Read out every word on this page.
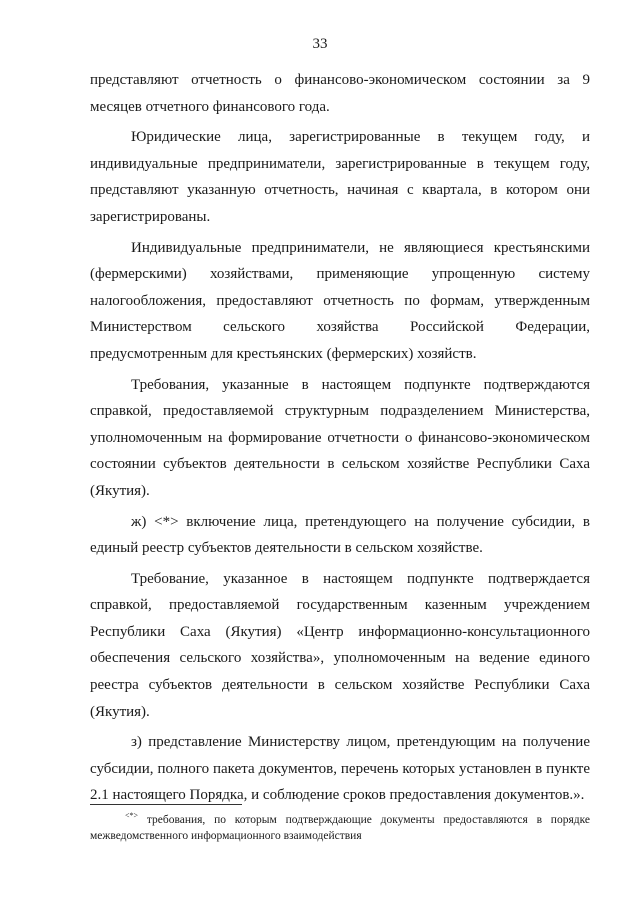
33

представляют отчетность о финансово-экономическом состоянии за 9 месяцев отчетного финансового года.

Юридические лица, зарегистрированные в текущем году, и индивидуальные предприниматели, зарегистрированные в текущем году, представляют указанную отчетность, начиная с квартала, в котором они зарегистрированы.

Индивидуальные предприниматели, не являющиеся крестьянскими (фермерскими) хозяйствами, применяющие упрощенную систему налогообложения, предоставляют отчетность по формам, утвержденным Министерством сельского хозяйства Российской Федерации, предусмотренным для крестьянских (фермерских) хозяйств.

Требования, указанные в настоящем подпункте подтверждаются справкой, предоставляемой структурным подразделением Министерства, уполномоченным на формирование отчетности о финансово-экономическом состоянии субъектов деятельности в сельском хозяйстве Республики Саха (Якутия).

ж) <*> включение лица, претендующего на получение субсидии, в единый реестр субъектов деятельности в сельском хозяйстве.

Требование, указанное в настоящем подпункте подтверждается справкой, предоставляемой государственным казенным учреждением Республики Саха (Якутия) «Центр информационно-консультационного обеспечения сельского хозяйства», уполномоченным на ведение единого реестра субъектов деятельности в сельском хозяйстве Республики Саха (Якутия).

з) представление Министерству лицом, претендующим на получение субсидии, полного пакета документов, перечень которых установлен в пункте 2.1 настоящего Порядка, и соблюдение сроков предоставления документов.».

<*> требования, по которым подтверждающие документы предоставляются в порядке межведомственного информационного взаимодействия
